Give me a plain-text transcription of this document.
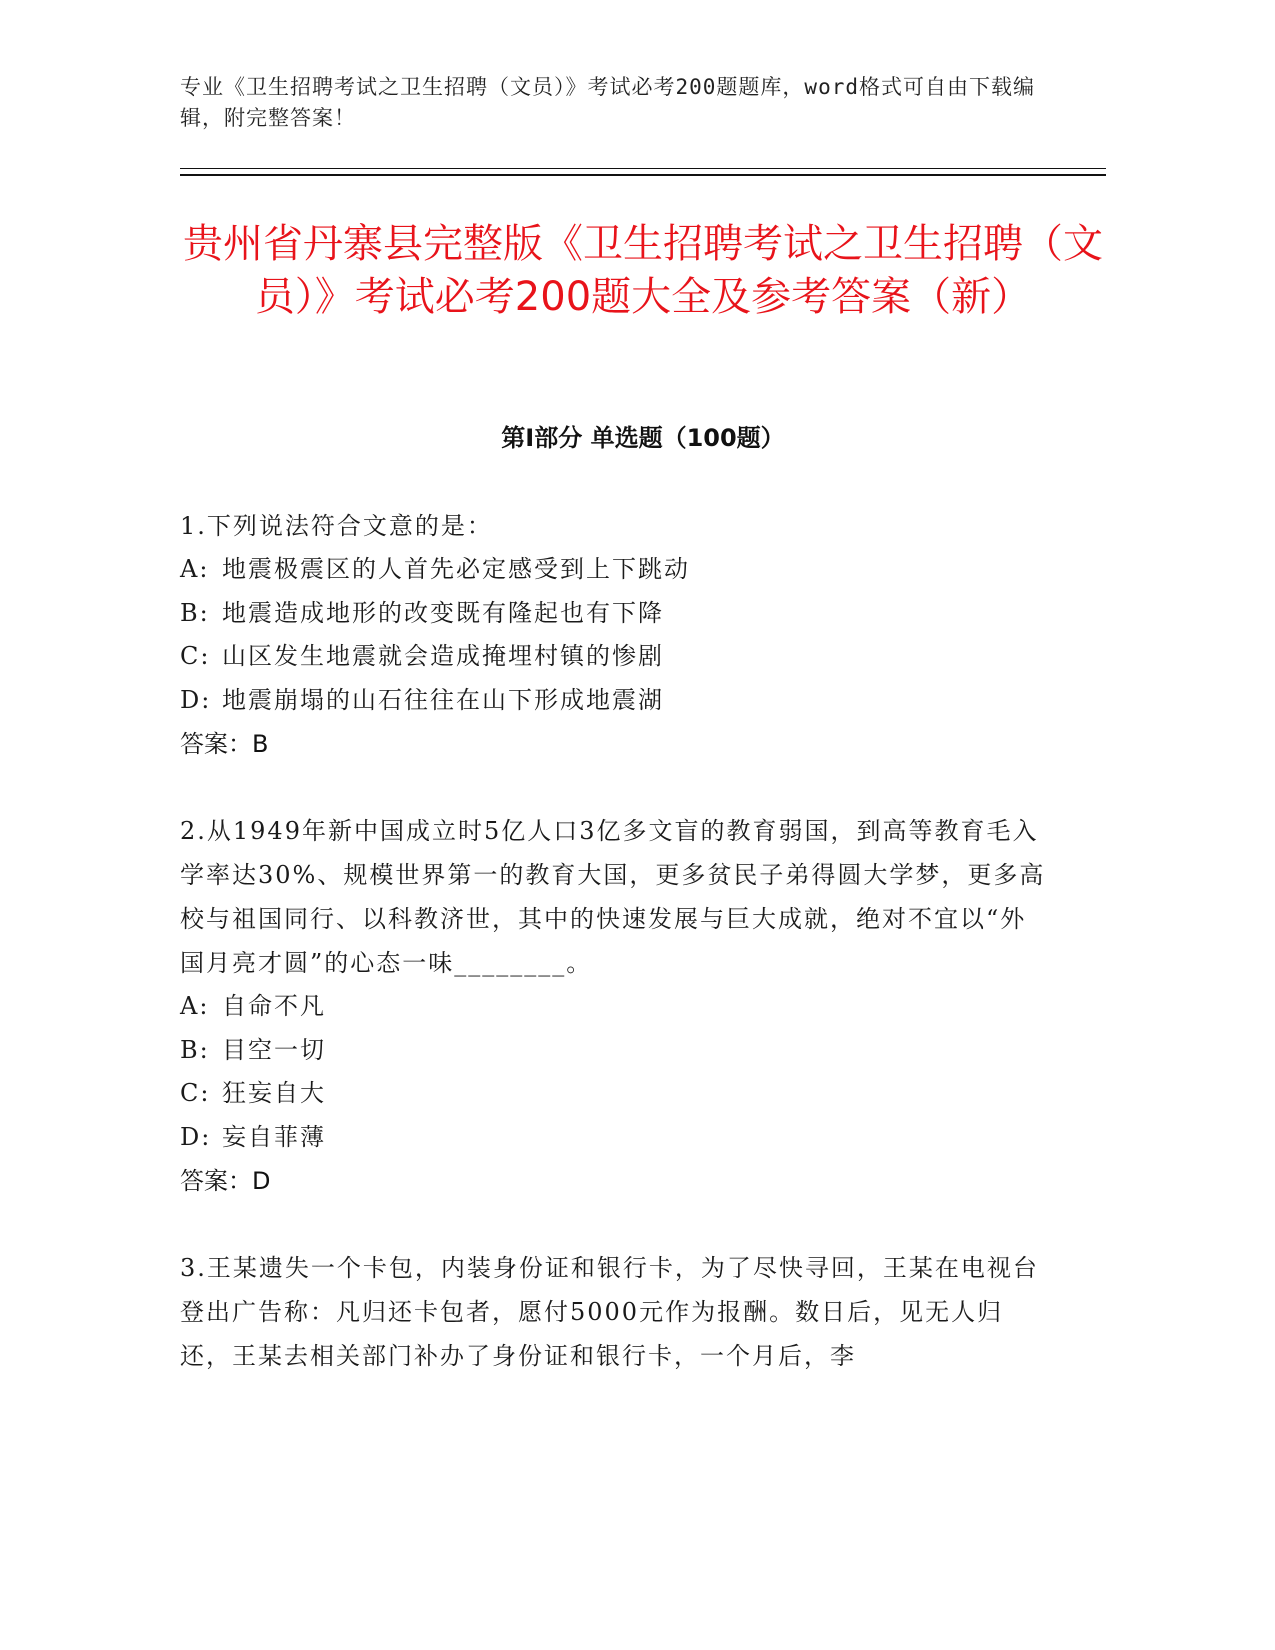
专业《卫生招聘考试之卫生招聘（文员）》考试必考200题题库，word格式可自由下载编辑，附完整答案！
贵州省丹寨县完整版《卫生招聘考试之卫生招聘（文员）》考试必考200题大全及参考答案（新）
第I部分 单选题（100题）

1.下列说法符合文意的是：

A: 地震极震区的人首先必定感受到上下跳动

B: 地震造成地形的改变既有隆起也有下降

C: 山区发生地震就会造成掩埋村镇的惨剧

D: 地震崩塌的山石往往在山下形成地震湖

答案：B

2.从1949年新中国成立时5亿人口3亿多文盲的教育弱国，到高等教育毛入学率达30%、规模世界第一的教育大国，更多贫民子弟得圆大学梦，更多高校与祖国同行、以科教济世，其中的快速发展与巨大成就，绝对不宜以“外国月亮才圆”的心态一味________。

A: 自命不凡

B: 目空一切

C: 狂妄自大

D: 妄自菲薄

答案：D

3.王某遗失一个卡包，内装身份证和银行卡，为了尽快寻回，王某在电视台登出广告称：凡归还卡包者，愿付5000元作为报酬。数日后，见无人归还，王某去相关部门补办了身份证和银行卡，一个月后，李
